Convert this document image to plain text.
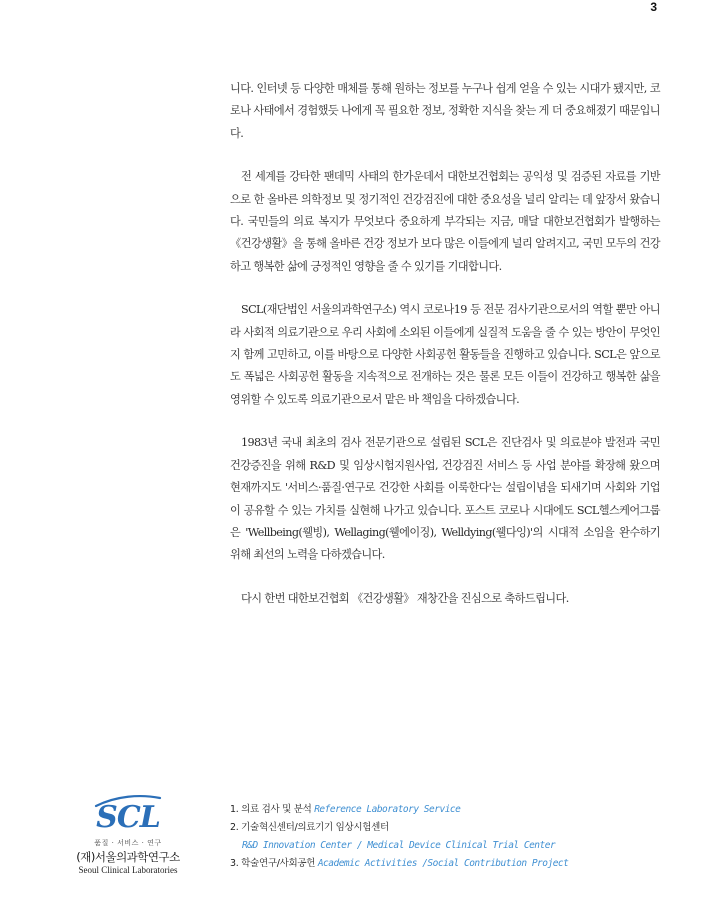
3

니다. 인터넷 등 다양한 매체를 통해 원하는 정보를 누구나 쉽게 얻을 수 있는 시대가 됐지만, 코로나 사태에서 경험했듯 나에게 꼭 필요한 정보, 정확한 지식을 찾는 게 더 중요해졌기 때문입니다.

전 세계를 강타한 팬데믹 사태의 한가운데서 대한보건협회는 공익성 및 검증된 자료를 기반으로 한 올바른 의학정보 및 정기적인 건강검진에 대한 중요성을 널리 알리는 데 앞장서 왔습니다. 국민들의 의료 복지가 무엇보다 중요하게 부각되는 지금, 매달 대한보건협회가 발행하는 《건강생활》을 통해 올바른 건강 정보가 보다 많은 이들에게 널리 알려지고, 국민 모두의 건강하고 행복한 삶에 긍정적인 영향을 줄 수 있기를 기대합니다.

SCL(재단법인 서울의과학연구소) 역시 코로나19 등 전문 검사기관으로서의 역할 뿐만 아니라 사회적 의료기관으로 우리 사회에 소외된 이들에게 실질적 도움을 줄 수 있는 방안이 무엇인지 함께 고민하고, 이를 바탕으로 다양한 사회공헌 활동들을 진행하고 있습니다. SCL은 앞으로도 폭넓은 사회공헌 활동을 지속적으로 전개하는 것은 물론 모든 이들이 건강하고 행복한 삶을 영위할 수 있도록 의료기관으로서 맡은 바 책임을 다하겠습니다.

1983년 국내 최초의 검사 전문기관으로 설립된 SCL은 진단검사 및 의료분야 발전과 국민 건강증진을 위해 R&D 및 임상시험지원사업, 건강검진 서비스 등 사업 분야를 확장해 왔으며 현재까지도 '서비스·품질·연구로 건강한 사회를 이룩한다'는 설립이념을 되새기며 사회와 기업이 공유할 수 있는 가치를 실현해 나가고 있습니다. 포스트 코로나 시대에도 SCL헬스케어그룹은 'Wellbeing(웰빙), Wellaging(웰에이징), Welldying(웰다잉)'의 시대적 소임을 완수하기 위해 최선의 노력을 다하겠습니다.

다시 한번 대한보건협회 《건강생활》 재창간을 진심으로 축하드립니다.

SCL
품질 · 서비스 · 연구
(재)서울의과학연구소
Seoul Clinical Laboratories
1. 의료 검사 및 분석 Reference Laboratory Service
2. 기술혁신센터/의료기기 임상시험센터
R&D Innovation Center / Medical Device Clinical Trial Center
3. 학술연구/사회공헌 Academic Activities /Social Contribution Project
